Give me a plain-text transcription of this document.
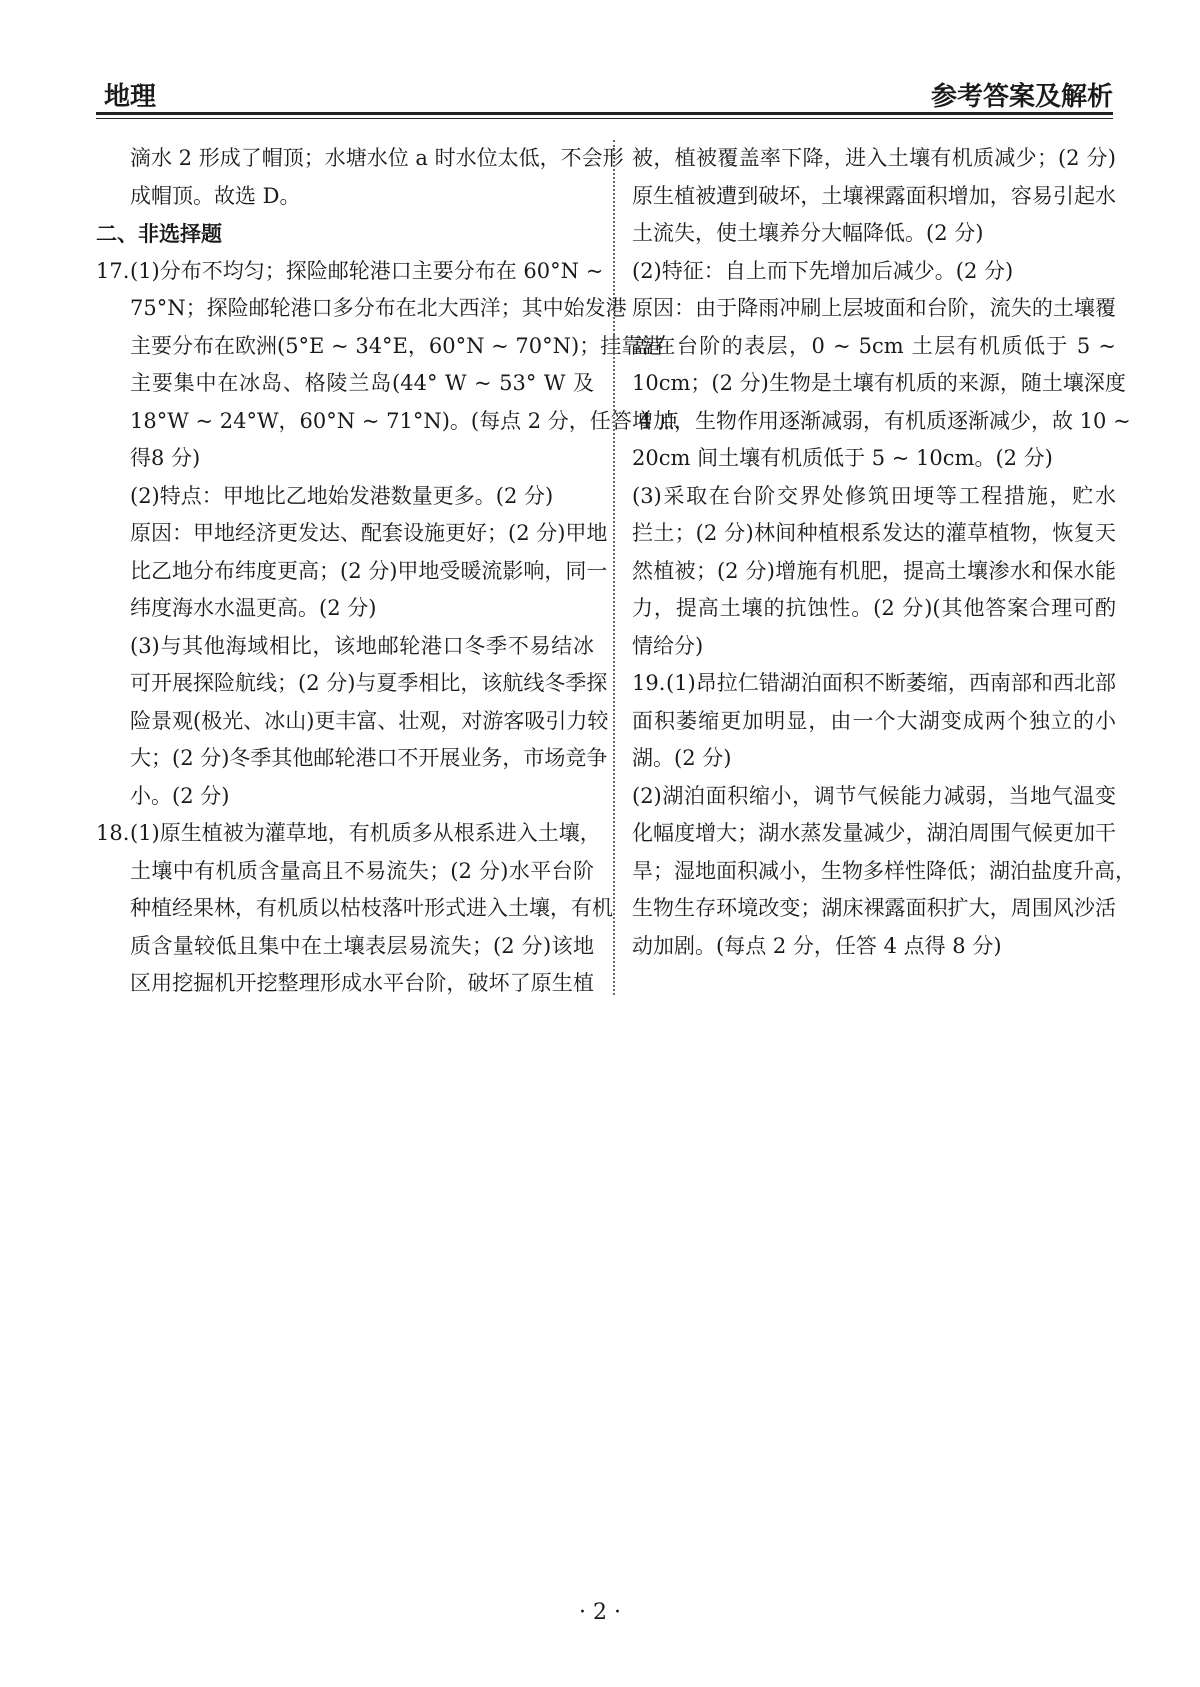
地理	参考答案及解析
滴水 2 形成了帽顶；水塘水位 a 时水位太低，不会形
成帽顶。故选 D。
二、非选择题
17. (1)分布不均匀；探险邮轮港口主要分布在 60°N ~
75°N；探险邮轮港口多分布在北大西洋；其中始发港
主要分布在欧洲(5°E ~ 34°E，60°N ~ 70°N)；挂靠港
主要集中在冰岛、格陵兰岛(44° W ~ 53° W 及
18°W ~ 24°W，60°N ~ 71°N)。(每点 2 分，任答 4 点
得8 分)
(2)特点：甲地比乙地始发港数量更多。(2 分)
原因：甲地经济更发达、配套设施更好；(2 分)甲地
比乙地分布纬度更高；(2 分)甲地受暖流影响，同一
纬度海水水温更高。(2 分)
(3)与其他海域相比，该地邮轮港口冬季不易结冰
可开展探险航线；(2 分)与夏季相比，该航线冬季探
险景观(极光、冰山)更丰富、壮观，对游客吸引力较
大；(2 分)冬季其他邮轮港口不开展业务，市场竞争
小。(2 分)
18. (1)原生植被为灌草地，有机质多从根系进入土壤，
土壤中有机质含量高且不易流失；(2 分)水平台阶
种植经果林，有机质以枯枝落叶形式进入土壤，有机
质含量较低且集中在土壤表层易流失；(2 分)该地
区用挖掘机开挖整理形成水平台阶，破坏了原生植
被，植被覆盖率下降，进入土壤有机质减少；(2 分)
原生植被遭到破坏，土壤裸露面积增加，容易引起水
土流失，使土壤养分大幅降低。(2 分)
(2)特征：自上而下先增加后减少。(2 分)
原因：由于降雨冲刷上层坡面和台阶，流失的土壤覆
盖在台阶的表层，0 ~ 5cm 土层有机质低于 5 ~
10cm；(2 分)生物是土壤有机质的来源，随土壤深度
增加，生物作用逐渐减弱，有机质逐渐减少，故 10 ~
20cm 间土壤有机质低于 5 ~ 10cm。(2 分)
(3)采取在台阶交界处修筑田埂等工程措施，贮水
拦土；(2 分)林间种植根系发达的灌草植物，恢复天
然植被；(2 分)增施有机肥，提高土壤渗水和保水能
力，提高土壤的抗蚀性。(2 分)(其他答案合理可酌
情给分)
19. (1)昂拉仁错湖泊面积不断萎缩，西南部和西北部
面积萎缩更加明显，由一个大湖变成两个独立的小
湖。(2 分)
(2)湖泊面积缩小，调节气候能力减弱，当地气温变
化幅度增大；湖水蒸发量减少，湖泊周围气候更加干
旱；湿地面积减小，生物多样性降低；湖泊盐度升高，
生物生存环境改变；湖床裸露面积扩大，周围风沙活
动加剧。(每点 2 分，任答 4 点得 8 分)
· 2 ·
